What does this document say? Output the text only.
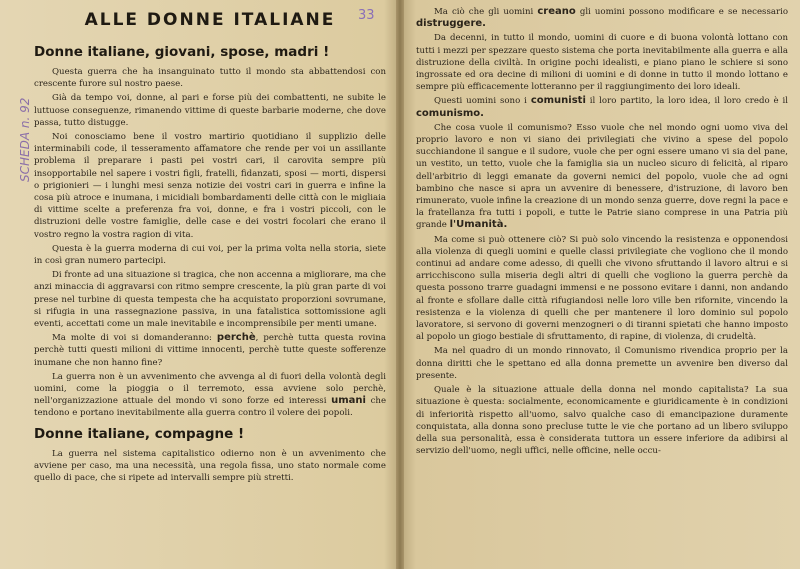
SCHEDA n. 92
33
ALLE DONNE ITALIANE
Donne italiane, giovani, spose, madri !

Questa guerra che ha insanguinato tutto il mondo sta abbattendosi con crescente furore sul nostro paese.

Già da tempo voi, donne, al pari e forse più dei combattenti, ne subite le luttuose conseguenze, rimanendo vittime di queste barbarie moderne, che dove passa, tutto distugge.

Noi conosciamo bene il vostro martirio quotidiano il supplizio delle interminabili code, il tesseramento affamatore che rende per voi un assillante problema il preparare i pasti pei vostri cari, il carovita sempre più insopportabile nel sapere i vostri figli, fratelli, fidanzati, sposi — morti, dispersi o prigionieri — i lunghi mesi senza notizie dei vostri cari in guerra e infine la cosa più atroce e inumana, i micidiali bombardamenti delle città con le migliaia di vittime scelte a preferenza fra voi, donne, e fra i vostri piccoli, con le distruzioni delle vostre famiglie, delle case e dei vostri focolari che erano il vostro regno la vostra ragion di vita.

Questa è la guerra moderna di cui voi, per la prima volta nella storia, siete in così gran numero partecipi.

Di fronte ad una situazione si tragica, che non accenna a migliorare, ma che anzi minaccia di aggravarsi con ritmo sempre crescente, la più gran parte di voi prese nel turbine di questa tempesta che ha acquistato proporzioni sovrumane, si rifugia in una rassegnazione passiva, in una fatalistica sottomissione agli eventi, accettati come un male inevitabile e incomprensibile per menti umane.

Ma molte di voi si domanderanno: perchè, perchè tutta questa rovina perchè tutti questi milioni di vittime innocenti, perchè tutte queste sofferenze inumane che non hanno fine?

La guerra non è un avvenimento che avvenga al di fuori della volontà degli uomini, come la pioggia o il terremoto, essa avviene solo perchè, nell'organizzazione attuale del mondo vi sono forze ed interessi umani che tendono e portano inevitabilmente alla guerra contro il volere dei popoli.

Donne italiane, compagne !

La guerra nel sistema capitalistico odierno non è un avvenimento che avviene per caso, ma una necessità, una regola fissa, uno stato normale come quello di pace, che si ripete ad intervalli sempre più stretti.

Ma ciò che gli uomini creano gli uomini possono modificare e se necessario distruggere.

Da decenni, in tutto il mondo, uomini di cuore e di buona volontà lottano con tutti i mezzi per spezzare questo sistema che porta inevitabilmente alla guerra e alla distruzione della civiltà. In origine pochi idealisti, e piano piano le schiere si sono ingrossate ed ora decine di milioni di uomini e di donne in tutto il mondo lottano e sempre più efficacemente lotteranno per il raggiungimento dei loro ideali.

Questi uomini sono i comunisti il loro partito, la loro idea, il loro credo è il comunismo.

Che cosa vuole il comunismo? Esso vuole che nel mondo ogni uomo viva del proprio lavoro e non vi siano dei privilegiati che vivino a spese del popolo succhiandone il sangue e il sudore, vuole che per ogni essere umano vi sia del pane, un vestito, un tetto, vuole che la famiglia sia un nucleo sicuro di felicità, al riparo dell'arbitrio di leggi emanate da governi nemici del popolo, vuole che ad ogni bambino che nasce si apra un avvenire di benessere, d'istruzione, di lavoro ben rimunerato, vuole infine la creazione di un mondo senza guerre, dove regni la pace e la fratellanza fra tutti i popoli, e tutte le Patrie siano comprese in una Patria più grande l'Umanità.

Ma come si può ottenere ciò? Si può solo vincendo la resistenza e opponendosi alla violenza di quegli uomini e quelle classi privilegiate che vogliono che il mondo continui ad andare come adesso, di quelli che vivono sfruttando il lavoro altrui e si arricchiscono sulla miseria degli altri di quelli che vogliono la guerra perchè da questa possono trarre guadagni immensi e ne possono evitare i danni, non andando al fronte e sfollare dalle città rifugiandosi nelle loro ville ben rifornite, vincendo la resistenza e la violenza di quelli che per mantenere il loro dominio sul popolo lavoratore, si servono di governi menzogneri o di tiranni spietati che hanno imposto al popolo un giogo bestiale di sfruttamento, di rapine, di violenza, di crudeltà.

Ma nel quadro di un mondo rinnovato, il Comunismo rivendica proprio per la donna diritti che le spettano ed alla donna premette un avvenire ben diverso dal presente.

Quale è la situazione attuale della donna nel mondo capitalista? La sua situazione è questa: socialmente, economicamente e giuridicamente è in condizioni di inferiorità rispetto all'uomo, salvo qualche caso di emancipazione duramente conquistata, alla donna sono precluse tutte le vie che portano ad un libero sviluppo della sua personalità, essa è considerata tuttora un essere inferiore da adibirsi al servizio dell'uomo, negli uffici, nelle officine, nelle occu-
